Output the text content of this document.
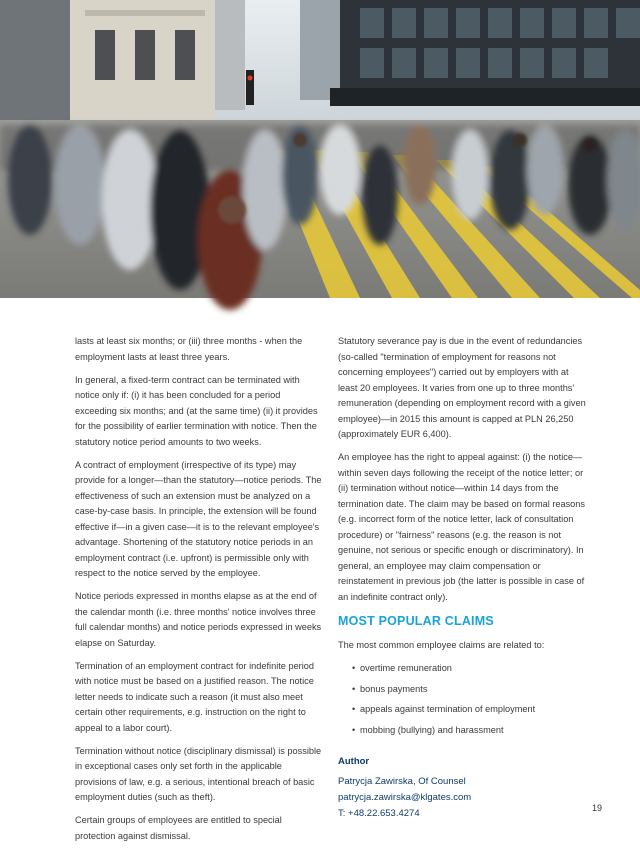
lasts at least six months; or (iii) three months - when the employment lasts at least three years.

In general, a fixed-term contract can be terminated with notice only if: (i) it has been concluded for a period exceeding six months; and (at the same time) (ii) it provides for the possibility of earlier termination with notice. Then the statutory notice period amounts to two weeks.

A contract of employment (irrespective of its type) may provide for a longer—than the statutory—notice periods. The effectiveness of such an extension must be analyzed on a case-by-case basis. In principle, the extension will be found effective if—in a given case—it is to the relevant employee's advantage. Shortening of the statutory notice periods in an employment contract (i.e. upfront) is permissible only with respect to the notice served by the employee.

Notice periods expressed in months elapse as at the end of the calendar month (i.e. three months' notice involves three full calendar months) and notice periods expressed in weeks elapse on Saturday.

Termination of an employment contract for indefinite period with notice must be based on a justified reason. The notice letter needs to indicate such a reason (it must also meet certain other requirements, e.g. instruction on the right to appeal to a labor court).

Termination without notice (disciplinary dismissal) is possible in exceptional cases only set forth in the applicable provisions of law, e.g. a serious, intentional breach of basic employment duties (such as theft).

Certain groups of employees are entitled to special protection against dismissal.

Statutory severance pay is due in the event of redundancies (so-called "termination of employment for reasons not concerning employees") carried out by employers with at least 20 employees. It varies from one up to three months' remuneration (depending on employment record with a given employee)—in 2015 this amount is capped at PLN 26,250 (approximately EUR 6,400).

An employee has the right to appeal against: (i) the notice—within seven days following the receipt of the notice letter; or (ii) termination without notice—within 14 days from the termination date. The claim may be based on formal reasons (e.g. incorrect form of the notice letter, lack of consultation procedure) or "fairness" reasons (e.g. the reason is not genuine, not serious or specific enough or discriminatory). In general, an employee may claim compensation or reinstatement in previous job (the latter is possible in case of an indefinite contract only).

MOST POPULAR CLAIMS

The most common employee claims are related to:

• overtime remuneration
• bonus payments
• appeals against termination of employment
• mobbing (bullying) and harassment
Author
Patrycja Zawirska, Of Counsel
patrycja.zawirska@klgates.com
T: +48.22.653.4274	19
